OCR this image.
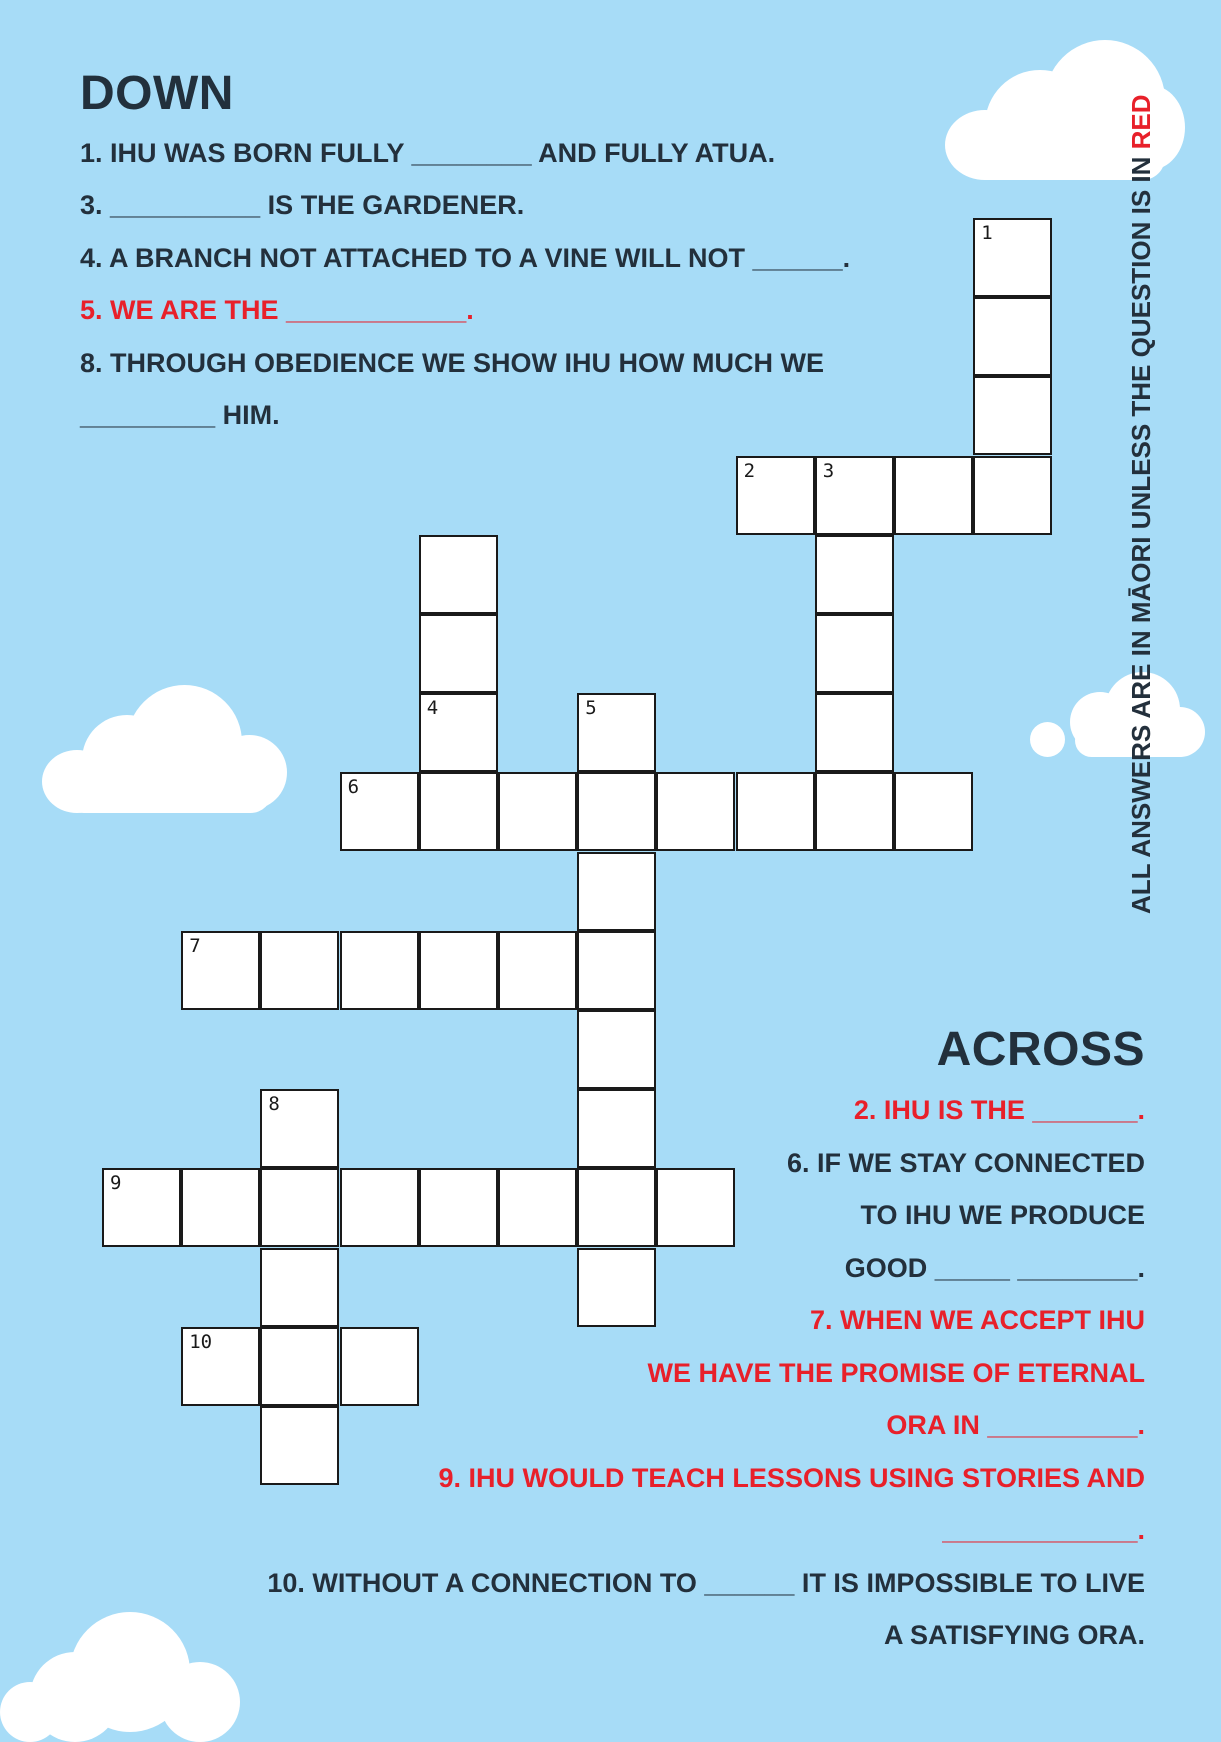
DOWN

1. IHU WAS BORN FULLY ________ AND FULLY ATUA.

3. __________ IS THE GARDENER.

4. A BRANCH NOT ATTACHED TO A VINE WILL NOT ______.

5. WE ARE THE ____________.

8. THROUGH OBEDIENCE WE SHOW IHU HOW MUCH WE

_________ HIM.

ACROSS

2. IHU IS THE _______.

6. IF WE STAY CONNECTED

TO IHU WE PRODUCE

GOOD _____ ________.

7. WHEN WE ACCEPT IHU

WE HAVE THE PROMISE OF ETERNAL

ORA IN __________.

9. IHU WOULD TEACH LESSONS USING STORIES AND

_____________.

10. WITHOUT A CONNECTION TO ______ IT IS IMPOSSIBLE TO LIVE

A SATISFYING ORA.

ALL ANSWERS ARE IN MĀORI UNLESS THE QUESTION IS IN RED
1
2	3
4	5
6
7
8
9
10
